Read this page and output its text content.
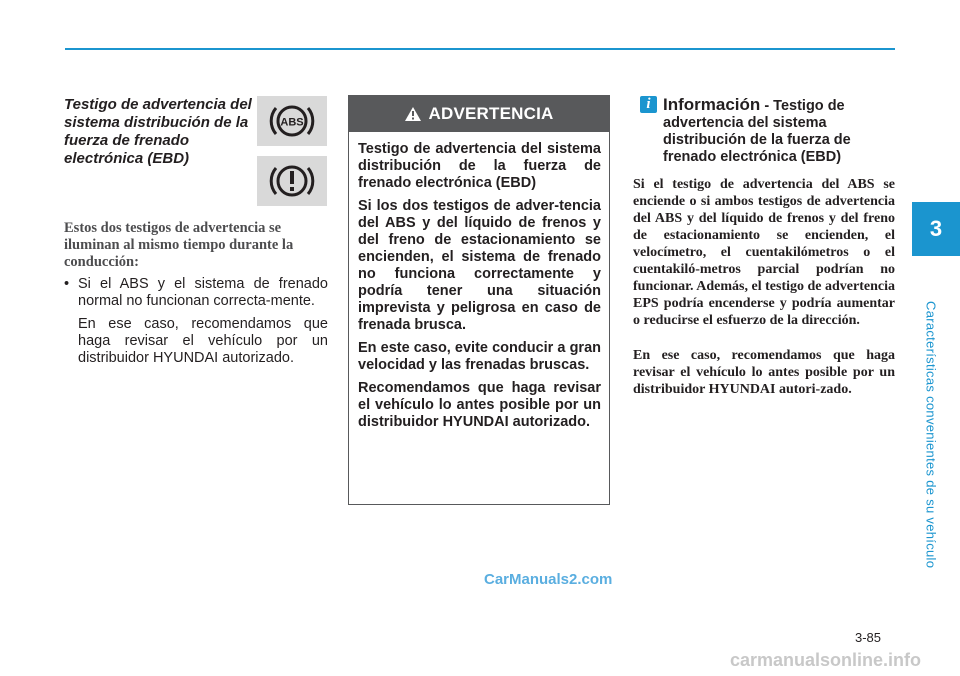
3
Características convenientes de su vehículo
Testigo de advertencia del sistema distribución de la fuerza de frenado electrónica (EBD)
ABS

Estos dos testigos de advertencia se iluminan al mismo tiempo durante la conducción:

• Si el ABS y el sistema de frenado normal no funcionan correcta-mente.
En ese caso, recomendamos que haga revisar el vehículo por un distribuidor HYUNDAI autorizado.
ADVERTENCIA

Testigo de advertencia del sistema distribución de la fuerza de frenado electrónica (EBD)

Si los dos testigos de adver-tencia del ABS y del líquido de frenos y del freno de estacionamiento se encienden, el sistema de frenado no funciona correctamente y podría tener una situación imprevista y peligrosa en caso de frenada brusca.

En este caso, evite conducir a gran velocidad y las frenadas bruscas.

Recomendamos que haga revisar el vehículo lo antes posible por un distribuidor HYUNDAI autorizado.

i Información - Testigo de advertencia del sistema distribución de la fuerza de frenado electrónica (EBD)

Si el testigo de advertencia del ABS se enciende o si ambos testigos de advertencia del ABS y del líquido de frenos y del freno de estacionamiento se encienden, el velocímetro, el cuentakilómetros o el cuentakiló-metros parcial podrían no funcionar. Además, el testigo de advertencia EPS podría encenderse y podría aumentar o reducirse el esfuerzo de la dirección.

En ese caso, recomendamos que haga revisar el vehículo lo antes posible por un distribuidor HYUNDAI autori-zado.

CarManuals2.com
3-85
carmanualsonline.info
